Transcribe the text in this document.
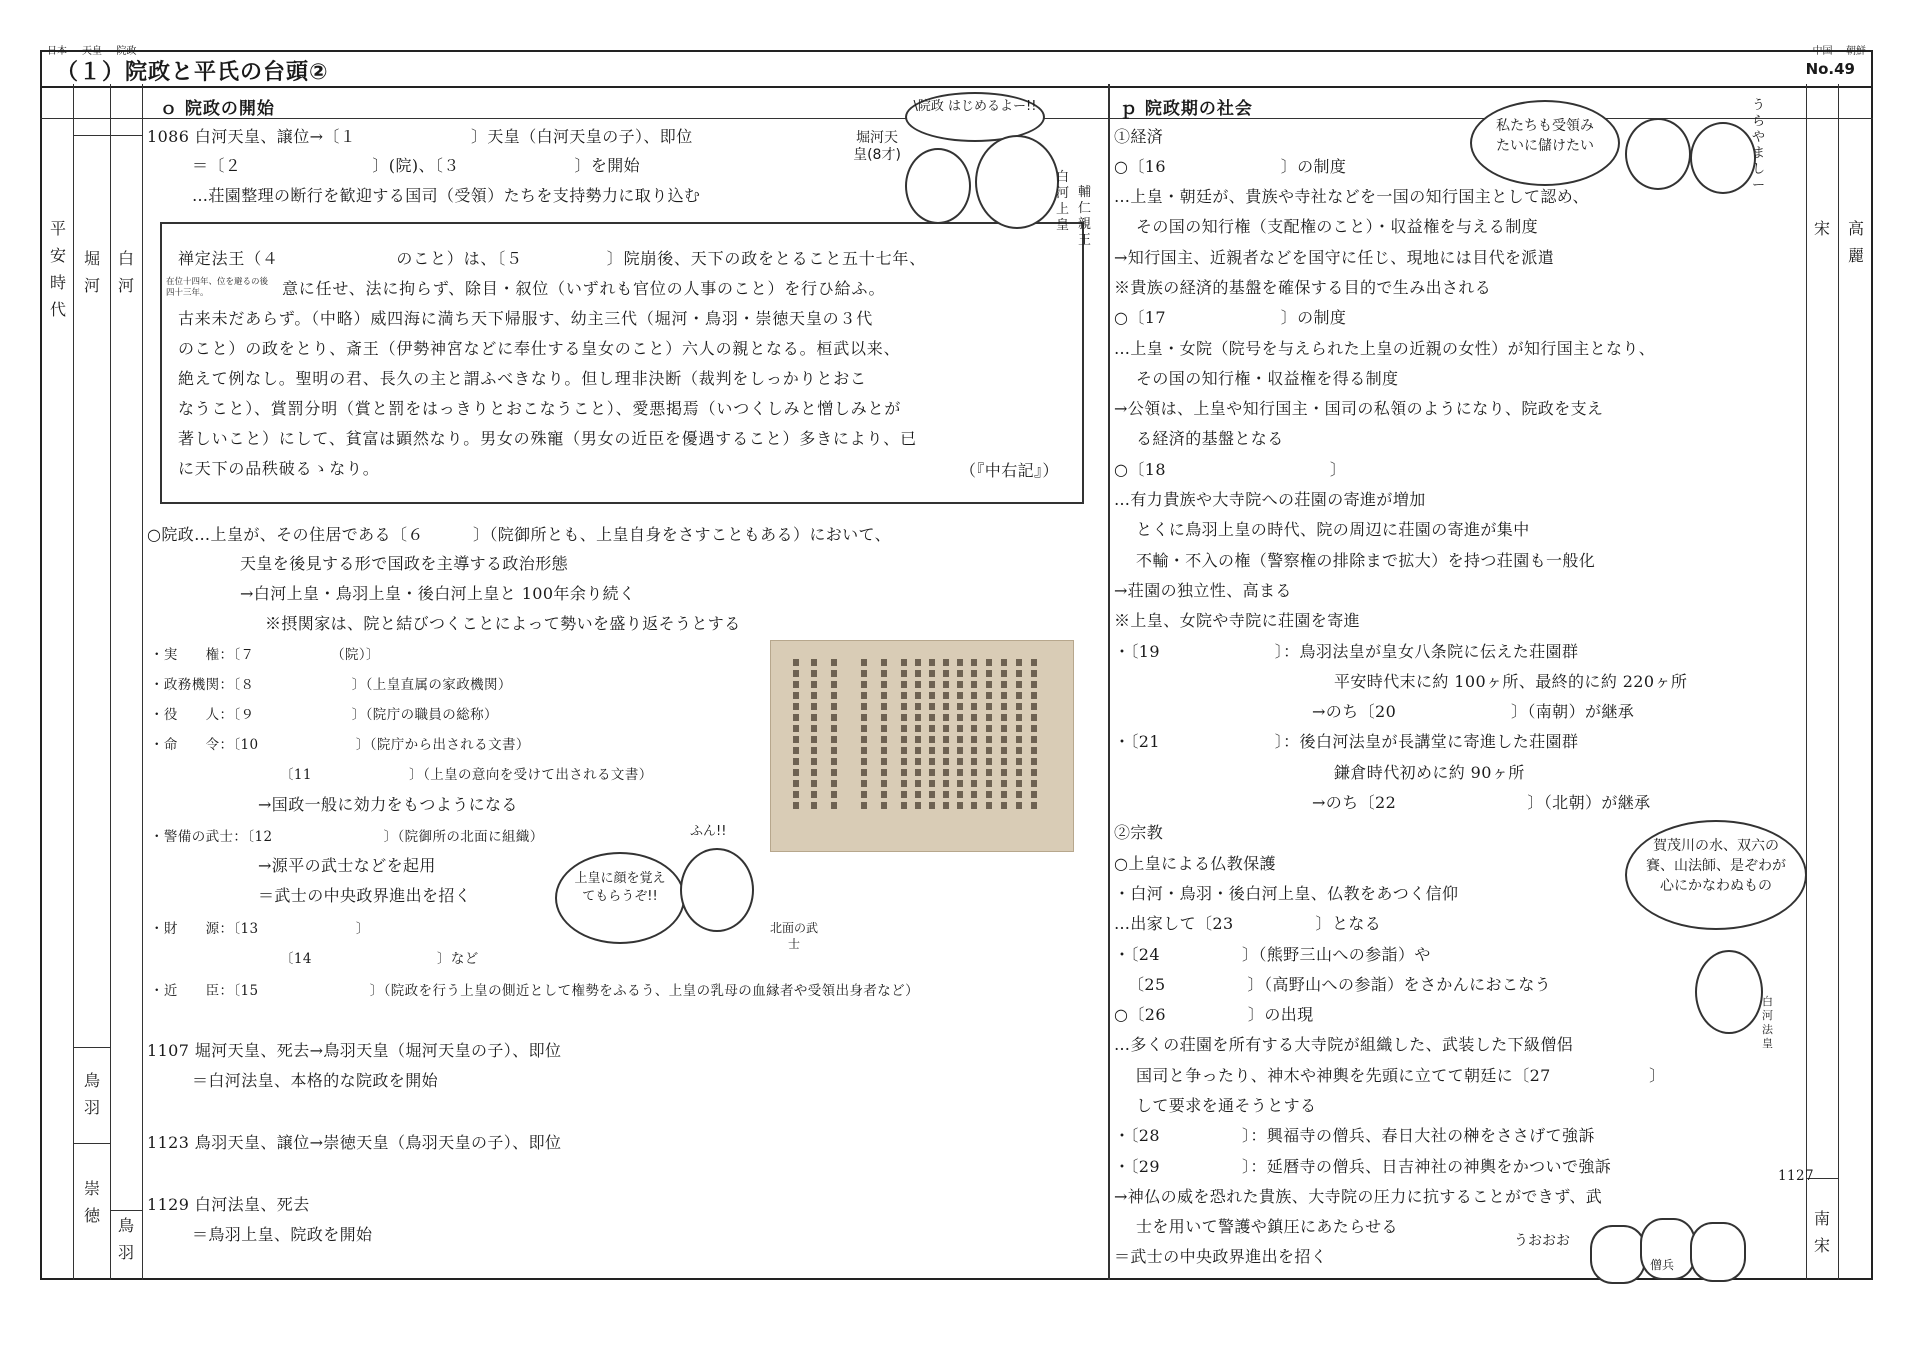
（１）院政と平氏の台頭②	No.49
日本	天皇	院政	中国	朝鮮
平安時代
堀河
鳥羽
崇徳
白河
鳥羽
宋
1127
南宋
高麗
ｏ 院政の開始
1086 白河天皇、譲位→〔１　　　　　　　〕天皇（白河天皇の子）、即位
＝〔２　　　　　　　　〕(院)、〔３　　　　　　　〕を開始
…荘園整理の断行を歓迎する国司（受領）たちを支持勢力に取り込む
禅定法王（４　　　　　　　のこと）は、〔５　　　　　〕院崩後、天下の政をとること五十七年、
意に任せ、法に拘らず、除目・叙位（いずれも官位の人事のこと）を行ひ給ふ。
在位十四年、位を避るの後四十三年。
古来未だあらず。（中略）威四海に満ち天下帰服す、幼主三代（堀河・鳥羽・崇徳天皇の３代
のこと）の政をとり、斎王（伊勢神宮などに奉仕する皇女のこと）六人の親となる。桓武以来、
絶えて例なし。聖明の君、長久の主と謂ふべきなり。但し理非決断（裁判をしっかりとおこ
なうこと）、賞罰分明（賞と罰をはっきりとおこなうこと）、愛悪掲焉（いつくしみと憎しみとが
著しいこと）にして、貧富は顕然なり。男女の殊寵（男女の近臣を優遇すること）多きにより、已
に天下の品秩破るゝなり。	（『中右記』）
○院政…上皇が、その住居である〔６　　　〕（院御所とも、上皇自身をさすこともある）において、
天皇を後見する形で国政を主導する政治形態
→白河上皇・鳥羽上皇・後白河上皇と 100年余り続く
※摂関家は、院と結びつくことによって勢いを盛り返そうとする
・実　　権：〔７　　　　　　（院）〕
・政務機関：〔８　　　　　　　〕（上皇直属の家政機関）
・役　　人：〔９　　　　　　　〕（院庁の職員の総称）
・命　　令：〔10　　　　　　　〕（院庁から出される文書）
〔11　　　　　　　〕（上皇の意向を受けて出される文書）
→国政一般に効力をもつようになる
・警備の武士：〔12　　　　　　　　〕（院御所の北面に組織）
→源平の武士などを起用
＝武士の中央政界進出を招く
・財　　源：〔13　　　　　　　〕
〔14　　　　　　　　　〕など
・近　　臣：〔15　　　　　　　　〕（院政を行う上皇の側近として権勢をふるう、上皇の乳母の血縁者や受領出身者など）
1107 堀河天皇、死去→鳥羽天皇（堀河天皇の子）、即位
＝白河法皇、本格的な院政を開始
1123 鳥羽天皇、譲位→崇徳天皇（鳥羽天皇の子）、即位
1129 白河法皇、死去
＝鳥羽上皇、院政を開始
\院政 はじめるよー!!
堀河天皇(8才)
白河上皇
輔仁親王
上皇に顔を覚えてもらうぞ!!
ふん!!
北面の武士
ｐ 院政期の社会
①経済
○〔16　　　　　　　〕の制度
…上皇・朝廷が、貴族や寺社などを一国の知行国主として認め、
その国の知行権（支配権のこと）・収益権を与える制度
→知行国主、近親者などを国守に任じ、現地には目代を派遣
※貴族の経済的基盤を確保する目的で生み出される
○〔17　　　　　　　〕の制度
…上皇・女院（院号を与えられた上皇の近親の女性）が知行国主となり、
その国の知行権・収益権を得る制度
→公領は、上皇や知行国主・国司の私領のようになり、院政を支え
る経済的基盤となる
○〔18　　　　　　　　　　〕
…有力貴族や大寺院への荘園の寄進が増加
とくに鳥羽上皇の時代、院の周辺に荘園の寄進が集中
不輸・不入の権（警察権の排除まで拡大）を持つ荘園も一般化
→荘園の独立性、高まる
※上皇、女院や寺院に荘園を寄進
・〔19　　　　　　　〕：鳥羽法皇が皇女八条院に伝えた荘園群
平安時代末に約 100ヶ所、最終的に約 220ヶ所
→のち〔20　　　　　　　〕（南朝）が継承
・〔21　　　　　　　〕：後白河法皇が長講堂に寄進した荘園群
鎌倉時代初めに約 90ヶ所
→のち〔22　　　　　　　　〕（北朝）が継承
②宗教
○上皇による仏教保護
・白河・鳥羽・後白河上皇、仏教をあつく信仰
…出家して〔23　　　　　〕となる
・〔24　　　　　〕（熊野三山への参詣）や
〔25　　　　　〕（高野山への参詣）をさかんにおこなう
○〔26　　　　　〕の出現
…多くの荘園を所有する大寺院が組織した、武装した下級僧侶
国司と争ったり、神木や神輿を先頭に立てて朝廷に〔27　　　　　　〕
して要求を通そうとする
・〔28　　　　　〕：興福寺の僧兵、春日大社の榊をささげて強訴
・〔29　　　　　〕：延暦寺の僧兵、日吉神社の神輿をかついで強訴
→神仏の威を恐れた貴族、大寺院の圧力に抗することができず、武
士を用いて警護や鎮圧にあたらせる
＝武士の中央政界進出を招く
私たちも受領みたいに儲けたい
うらやましー
賀茂川の水、双六の賽、山法師、是ぞわが心にかなわぬもの
白河法皇
うおおお
僧兵
